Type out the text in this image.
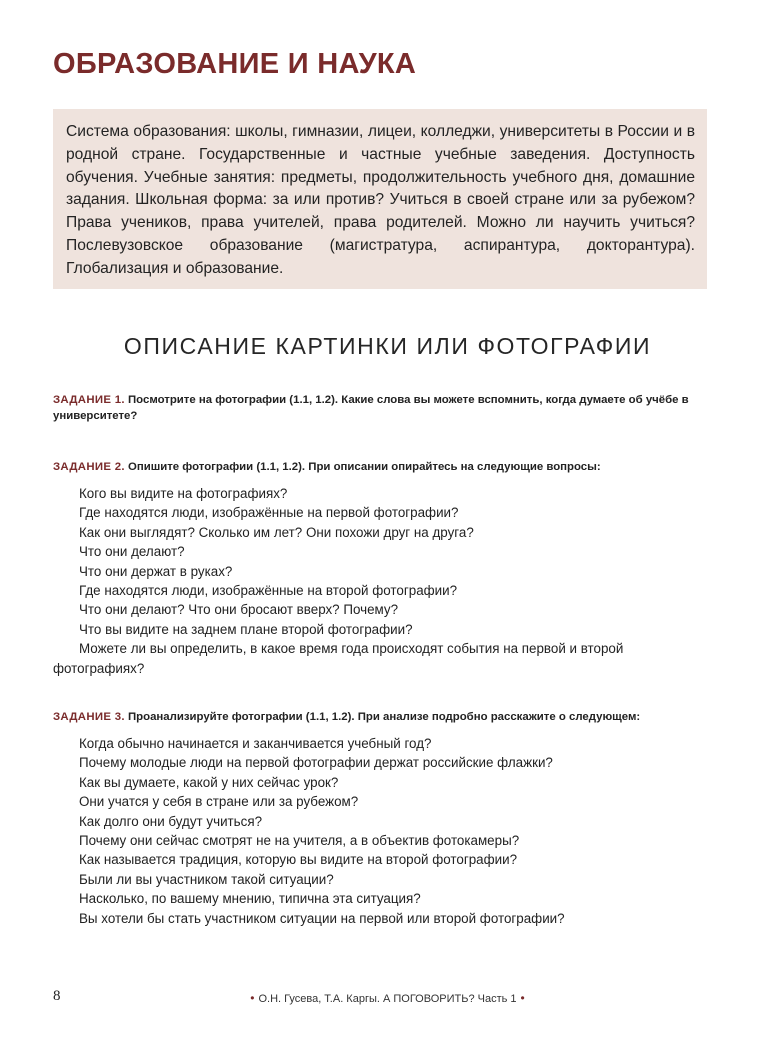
ОБРАЗОВАНИЕ И НАУКА
Система образования: школы, гимназии, лицеи, колледжи, университеты в России и в родной стране. Государственные и частные учебные заведения. Доступность обучения. Учебные занятия: предметы, продолжительность учебного дня, домашние задания. Школьная форма: за или против? Учиться в своей стране или за рубежом? Права учеников, права учителей, права родителей. Можно ли научить учиться? Послевузовское образование (магистратура, аспирантура, докторантура). Глобализация и образование.
ОПИСАНИЕ КАРТИНКИ ИЛИ ФОТОГРАФИИ
ЗАДАНИЕ 1. Посмотрите на фотографии (1.1, 1.2). Какие слова вы можете вспомнить, когда думаете об учёбе в университете?
ЗАДАНИЕ 2. Опишите фотографии (1.1, 1.2). При описании опирайтесь на следующие вопросы:
Кого вы видите на фотографиях?
Где находятся люди, изображённые на первой фотографии?
Как они выглядят? Сколько им лет? Они похожи друг на друга?
Что они делают?
Что они держат в руках?
Где находятся люди, изображённые на второй фотографии?
Что они делают? Что они бросают вверх? Почему?
Что вы видите на заднем плане второй фотографии?
Можете ли вы определить, в какое время года происходят события на первой и второй фотографиях?
ЗАДАНИЕ 3. Проанализируйте фотографии (1.1, 1.2). При анализе подробно расскажите о следующем:
Когда обычно начинается и заканчивается учебный год?
Почему молодые люди на первой фотографии держат российские флажки?
Как вы думаете, какой у них сейчас урок?
Они учатся у себя в стране или за рубежом?
Как долго они будут учиться?
Почему они сейчас смотрят не на учителя, а в объектив фотокамеры?
Как называется традиция, которую вы видите на второй фотографии?
Были ли вы участником такой ситуации?
Насколько, по вашему мнению, типична эта ситуация?
Вы хотели бы стать участником ситуации на первой или второй фотографии?
8	• О.Н. Гусева, Т.А. Каргы. А ПОГОВОРИТЬ? Часть 1 •
